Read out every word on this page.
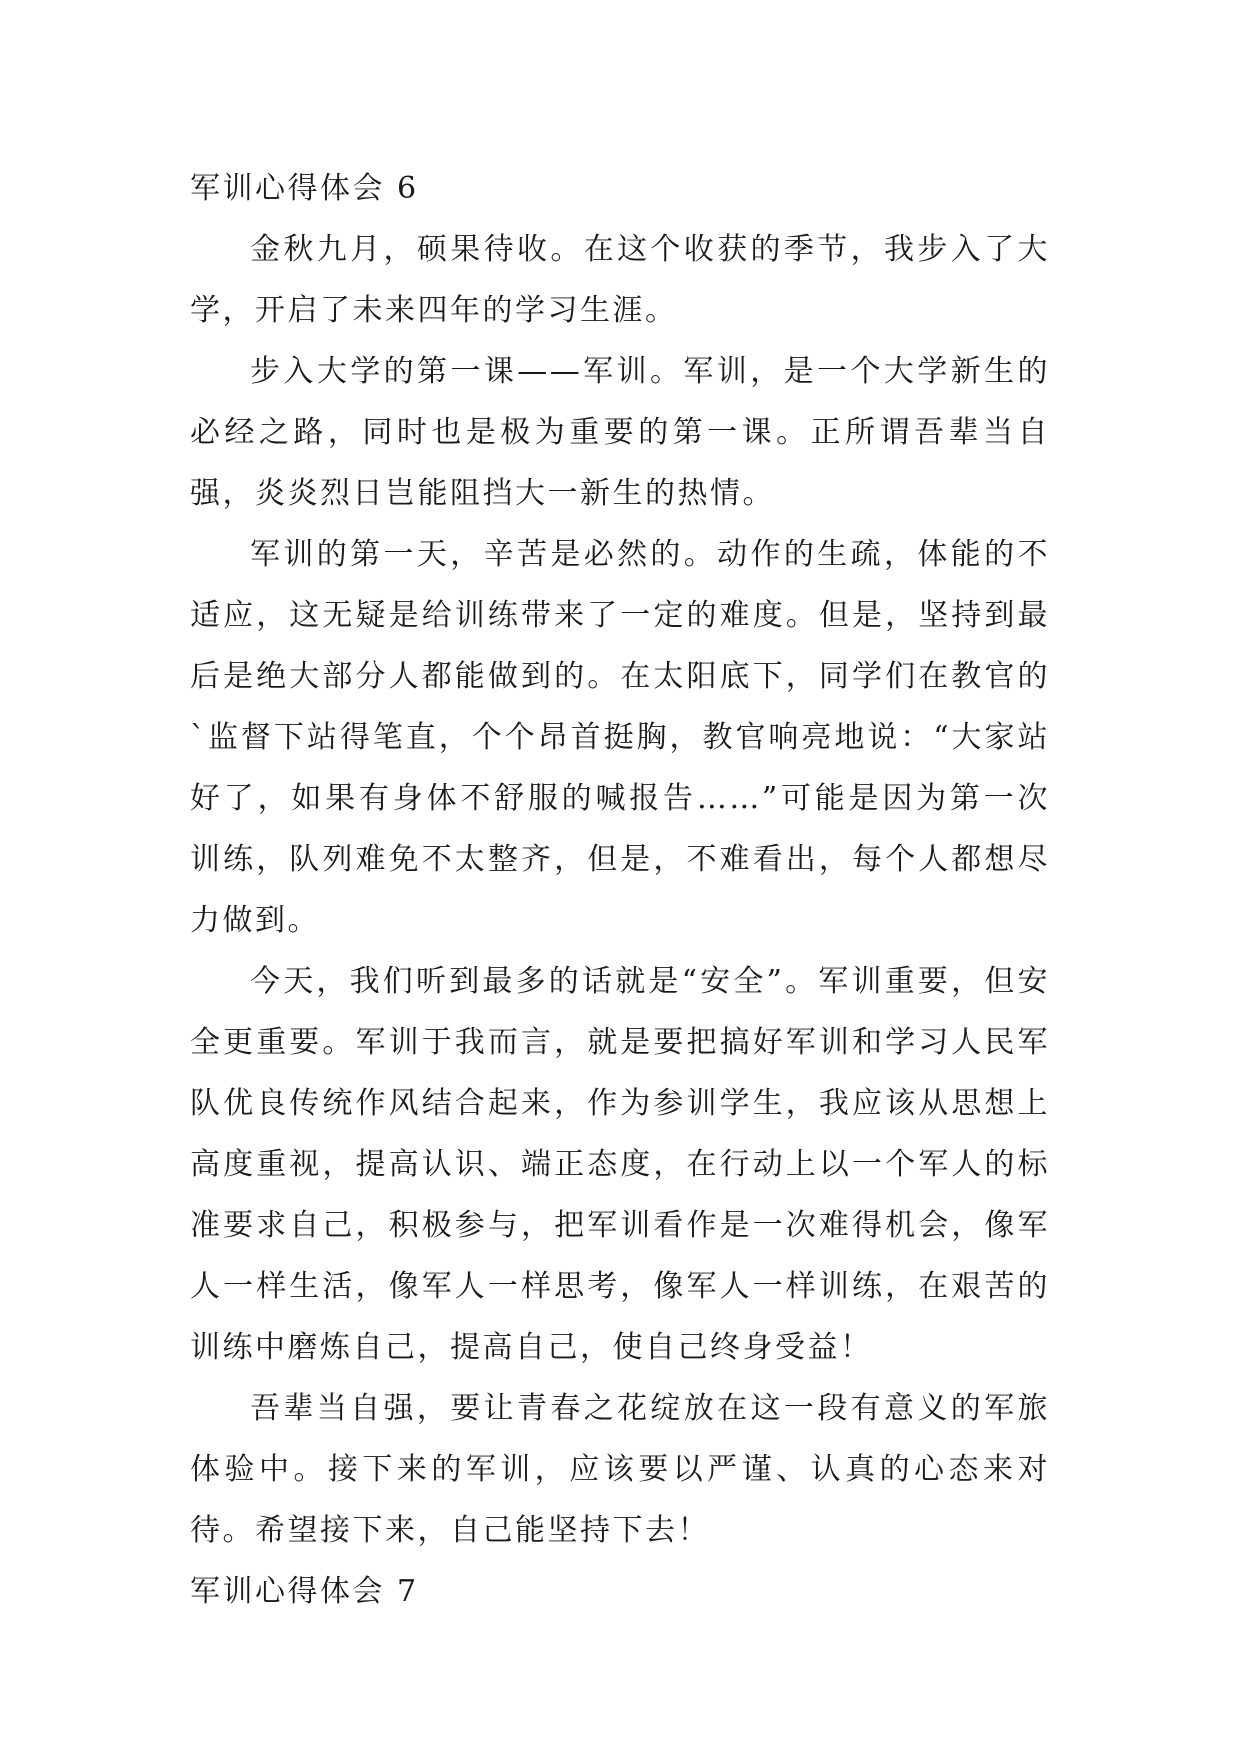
军训心得体会 6

金秋九月，硕果待收。在这个收获的季节，我步入了大学，开启了未来四年的学习生涯。

步入大学的第一课——军训。军训，是一个大学新生的必经之路，同时也是极为重要的第一课。正所谓吾辈当自强，炎炎烈日岂能阻挡大一新生的热情。

军训的第一天，辛苦是必然的。动作的生疏，体能的不适应，这无疑是给训练带来了一定的难度。但是，坚持到最后是绝大部分人都能做到的。在太阳底下，同学们在教官的`监督下站得笔直，个个昂首挺胸，教官响亮地说：“大家站好了，如果有身体不舒服的喊报告……”可能是因为第一次训练，队列难免不太整齐，但是，不难看出，每个人都想尽力做到。

今天，我们听到最多的话就是“安全”。军训重要，但安全更重要。军训于我而言，就是要把搞好军训和学习人民军队优良传统作风结合起来，作为参训学生，我应该从思想上高度重视，提高认识、端正态度，在行动上以一个军人的标准要求自己，积极参与，把军训看作是一次难得机会，像军人一样生活，像军人一样思考，像军人一样训练，在艰苦的训练中磨炼自己，提高自己，使自己终身受益！

吾辈当自强，要让青春之花绽放在这一段有意义的军旅体验中。接下来的军训，应该要以严谨、认真的心态来对待。希望接下来，自己能坚持下去！

军训心得体会 7
